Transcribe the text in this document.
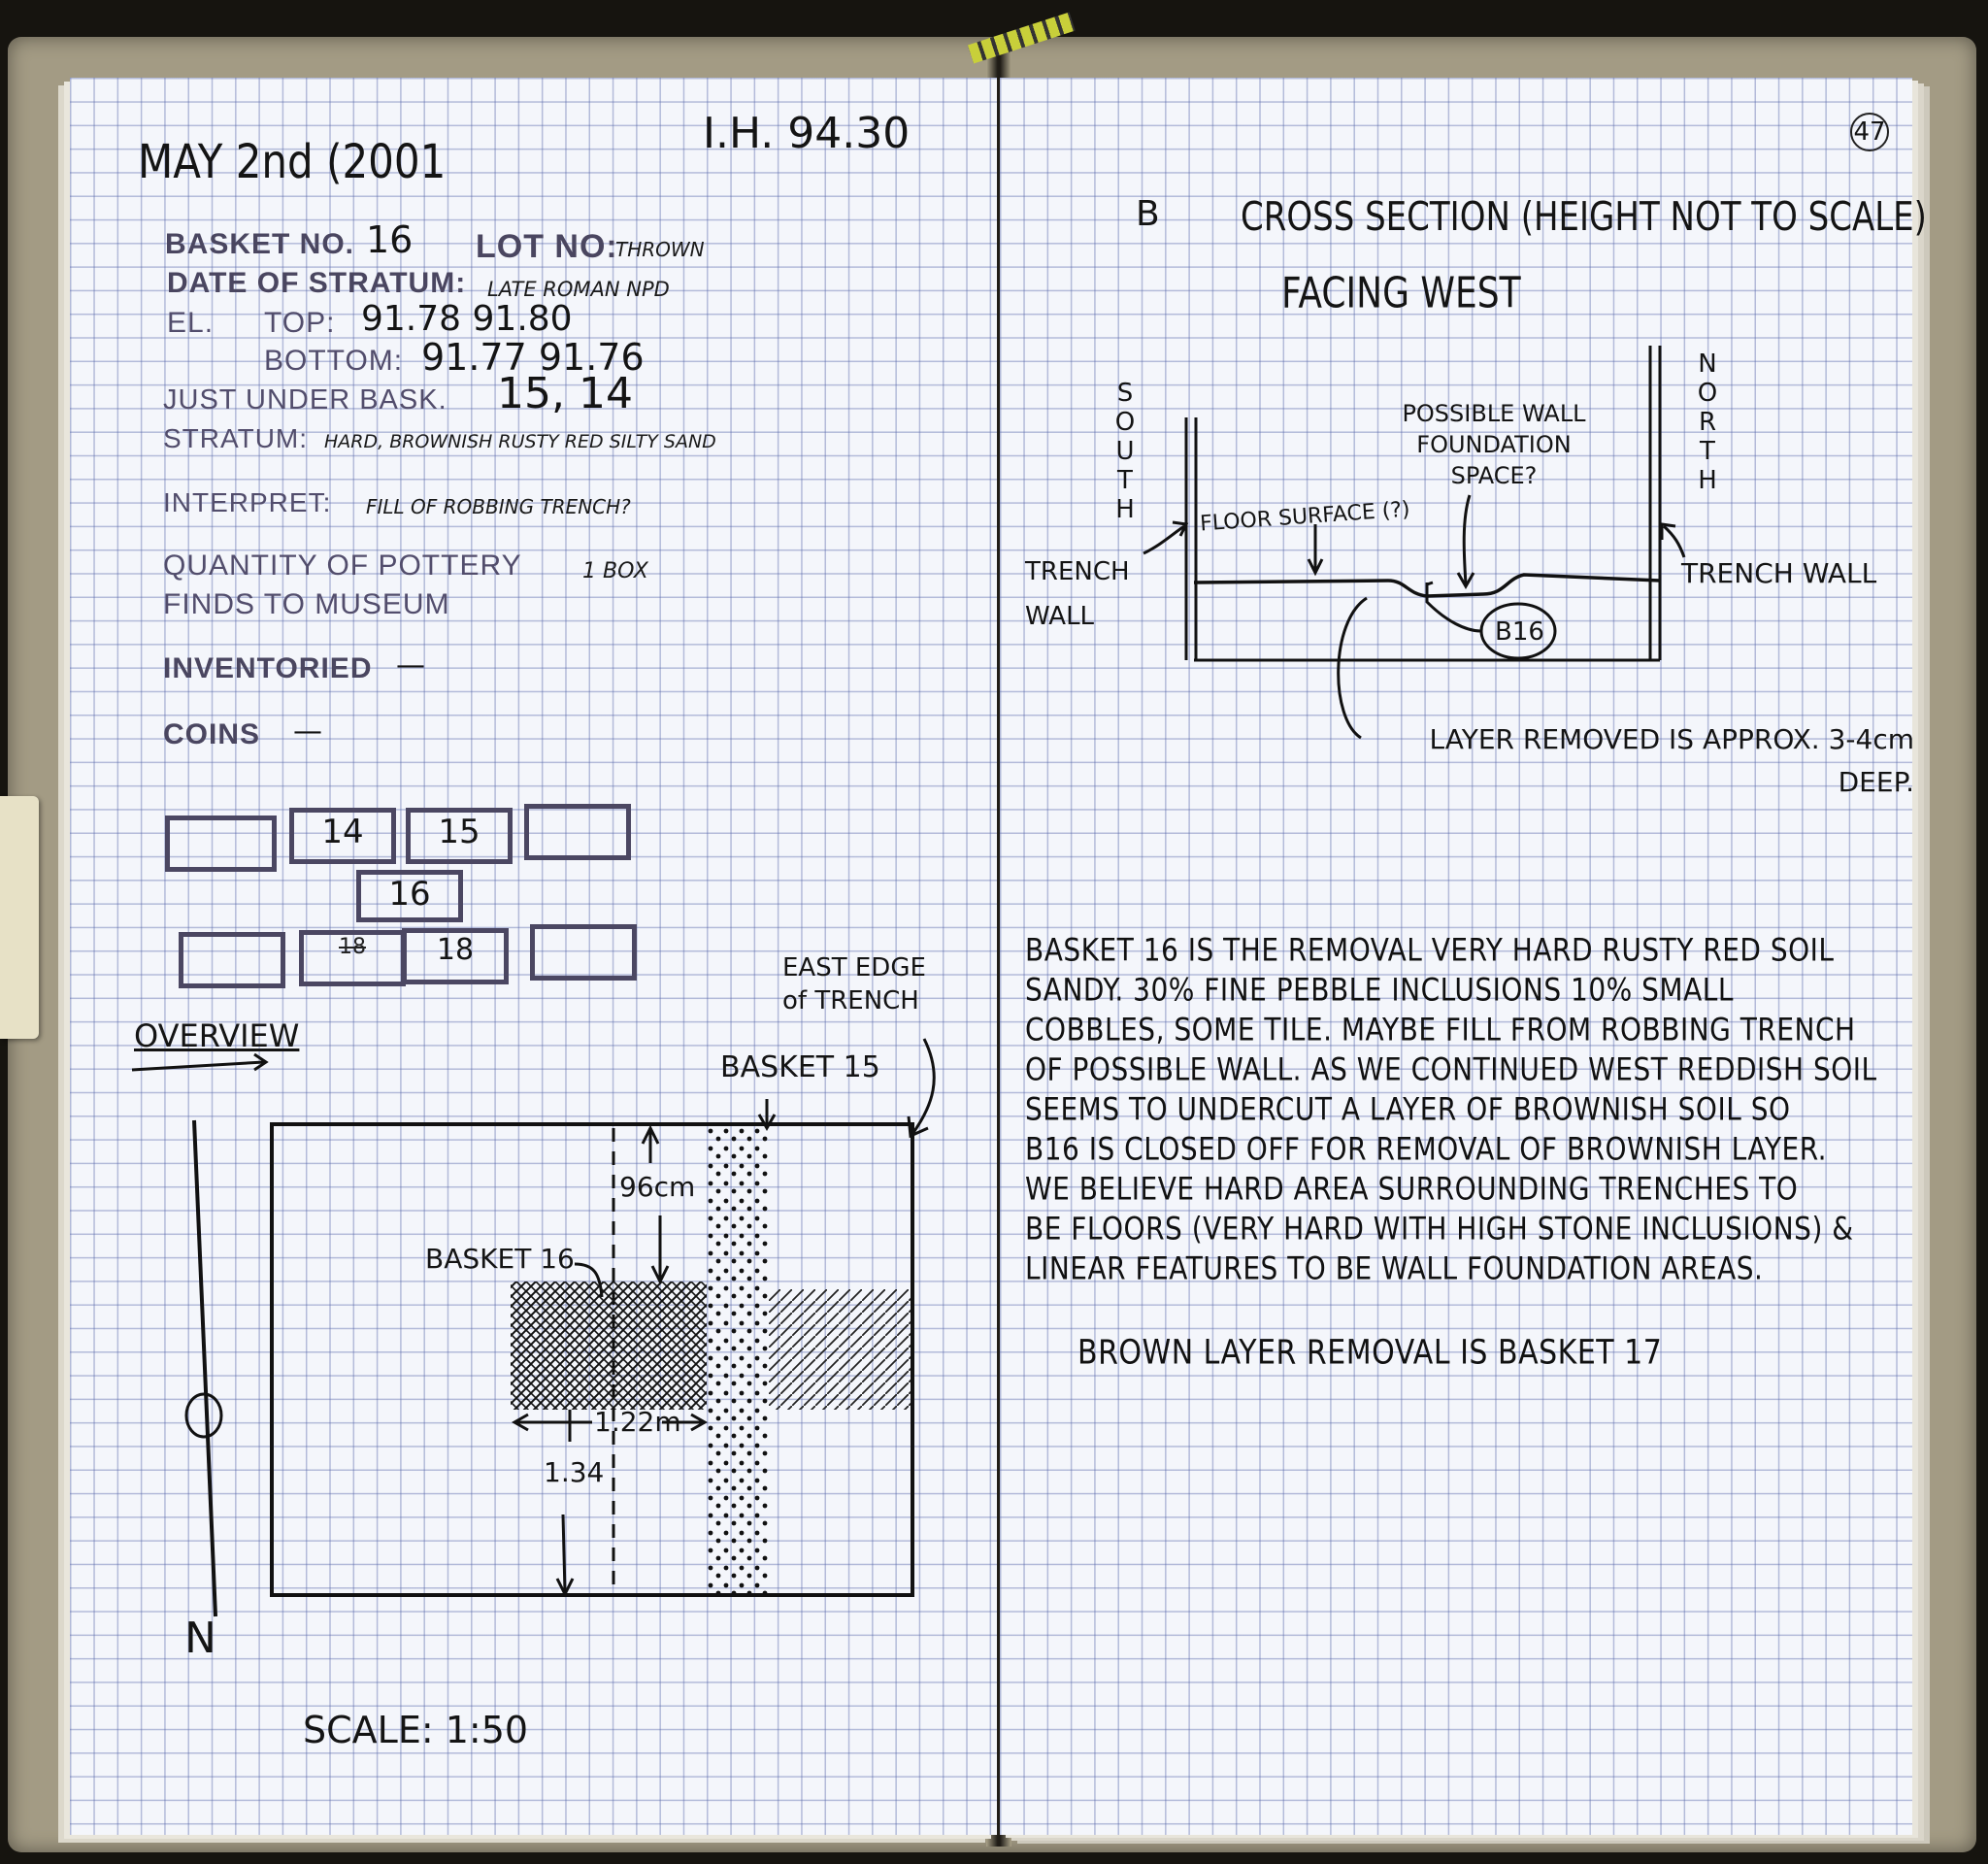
MAY 2nd (2001
I.H. 94.30
BASKET NO. 16 LOT NO:
THROWN
DATE OF STRATUM: LATE ROMAN NPD
EL. TOP: 91.78 91.80
BOTTOM: 91.77 91.76
JUST UNDER BASK. 15, 14
STRATUM: HARD, BROWNISH RUSTY RED SILTY SAND
INTERPRET: FILL OF ROBBING TRENCH?
QUANTITY OF POTTERY	1 BOX
FINDS TO MUSEUM
INVENTORIED —
COINS —
14	15
16
18	18
OVERVIEW
EAST EDGE of TRENCH
BASKET 15
BASKET 16
96cm
1.22m
1.34
N
SCALE: 1:50
47
B CROSS SECTION (HEIGHT NOT TO SCALE)
FACING WEST
SOUTH
NORTH
TRENCH WALL
TRENCH WALL
FLOOR SURFACE (?)
POSSIBLE WALL FOUNDATION SPACE?
B16
LAYER REMOVED IS APPROX. 3-4cm DEEP.
BASKET 16 IS THE REMOVAL VERY HARD RUSTY RED SOIL
SANDY. 30% FINE PEBBLE INCLUSIONS 10% SMALL
COBBLES, SOME TILE. MAYBE FILL FROM ROBBING TRENCH
OF POSSIBLE WALL. AS WE CONTINUED WEST REDDISH SOIL
SEEMS TO UNDERCUT A LAYER OF BROWNISH SOIL SO
B16 IS CLOSED OFF FOR REMOVAL OF BROWNISH LAYER.
WE BELIEVE HARD AREA SURROUNDING TRENCHES TO
BE FLOORS (VERY HARD WITH HIGH STONE INCLUSIONS) &
LINEAR FEATURES TO BE WALL FOUNDATION AREAS.
BROWN LAYER REMOVAL IS BASKET 17
